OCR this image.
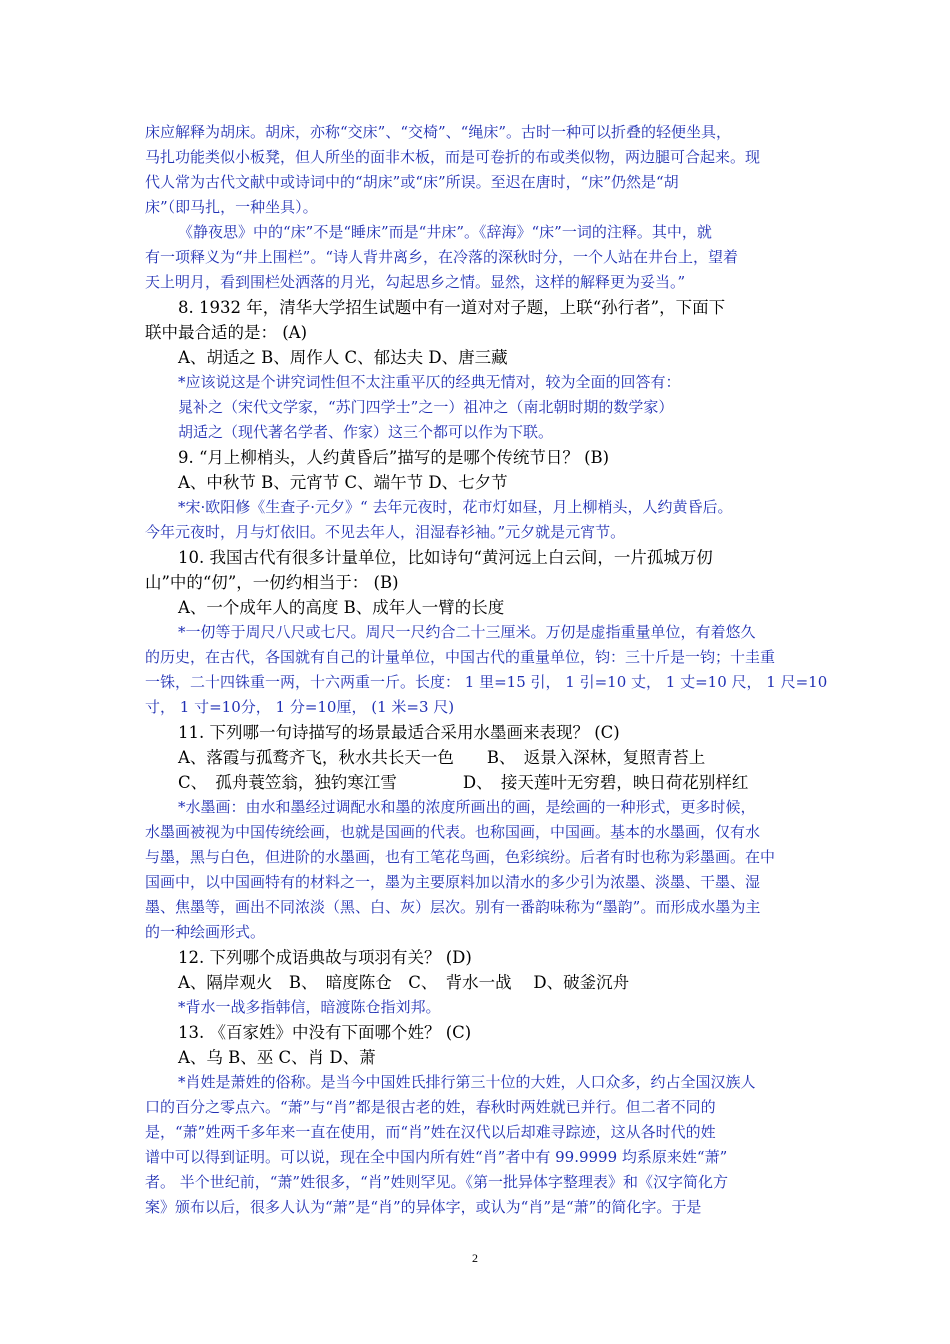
床应解释为胡床。胡床，亦称“交床”、“交椅”、“绳床”。古时一种可以折叠的轻便坐具，
马扎功能类似小板凳，但人所坐的面非木板，而是可卷折的布或类似物，两边腿可合起来。现
代人常为古代文献中或诗词中的“胡床”或“床”所误。至迟在唐时，“床”仍然是“胡
床”（即马扎，一种坐具）。
《静夜思》中的“床”不是“睡床”而是“井床”。《辞海》“床”一词的注释。其中，就
有一项释义为“井上围栏”。“诗人背井离乡，在冷落的深秋时分，一个人站在井台上，望着
天上明月，看到围栏处洒落的月光，勾起思乡之情。显然，这样的解释更为妥当。”
8. 1932 年，清华大学招生试题中有一道对对子题，上联“孙行者”，下面下
联中最合适的是： (A)
A、胡适之 B、周作人 C、郁达夫 D、唐三藏
*应该说这是个讲究词性但不太注重平仄的经典无情对，较为全面的回答有：
晁补之（宋代文学家，“苏门四学士”之一）祖冲之（南北朝时期的数学家）
胡适之（现代著名学者、作家）这三个都可以作为下联。
9. “月上柳梢头，人约黄昏后”描写的是哪个传统节日？ (B)
A、中秋节 B、元宵节 C、端午节 D、七夕节
*宋·欧阳修《生查子·元夕》“ 去年元夜时，花市灯如昼，月上柳梢头，人约黄昏后。
今年元夜时，月与灯依旧。不见去年人，泪湿春衫袖。”元夕就是元宵节。
10. 我国古代有很多计量单位，比如诗句“黄河远上白云间，一片孤城万仞
山”中的“仞”，一仞约相当于： (B)
A、一个成年人的高度 B、成年人一臂的长度
*一仞等于周尺八尺或七尺。周尺一尺约合二十三厘米。万仞是虚指重量单位，有着悠久
的历史，在古代，各国就有自己的计量单位，中国古代的重量单位，钧：三十斤是一钧；十圭重
一铢，二十四铢重一两，十六两重一斤。长度： 1 里=15 引， 1 引=10 丈， 1 丈=10 尺， 1 尺=10
寸， 1 寸=10分， 1 分=10厘， (1 米=3 尺)
11. 下列哪一句诗描写的场景最适合采用水墨画来表现？ (C)
A、落霞与孤鹜齐飞，秋水共长天一色　　B、　返景入深林，复照青苔上
C、　孤舟蓑笠翁，独钓寒江雪　　　　D、　接天莲叶无穷碧，映日荷花别样红
*水墨画：由水和墨经过调配水和墨的浓度所画出的画，是绘画的一种形式，更多时候，
水墨画被视为中国传统绘画，也就是国画的代表。也称国画，中国画。基本的水墨画，仅有水
与墨，黑与白色，但进阶的水墨画，也有工笔花鸟画，色彩缤纷。后者有时也称为彩墨画。在中
国画中，以中国画特有的材料之一，墨为主要原料加以清水的多少引为浓墨、淡墨、干墨、湿
墨、焦墨等，画出不同浓淡（黑、白、灰）层次。别有一番韵味称为“墨韵”。而形成水墨为主
的一种绘画形式。
12. 下列哪个成语典故与项羽有关？ (D)
A、隔岸观火　B、　暗度陈仓　C、　背水一战　 D、破釜沉舟
*背水一战多指韩信，暗渡陈仓指刘邦。
13. 《百家姓》中没有下面哪个姓？ (C)
A、乌 B、巫 C、肖 D、萧
*肖姓是萧姓的俗称。是当今中国姓氏排行第三十位的大姓，人口众多，约占全国汉族人
口的百分之零点六。“萧”与“肖”都是很古老的姓，春秋时两姓就已并行。但二者不同的
是，“萧”姓两千多年来一直在使用，而“肖”姓在汉代以后却难寻踪迹，这从各时代的姓
谱中可以得到证明。可以说，现在全中国内所有姓“肖”者中有 99.9999 均系原来姓“萧”
者。 半个世纪前，“萧”姓很多，“肖”姓则罕见。《第一批异体字整理表》和《汉字简化方
案》颁布以后，很多人认为“萧”是“肖”的异体字，或认为“肖”是“萧”的简化字。于是
2
